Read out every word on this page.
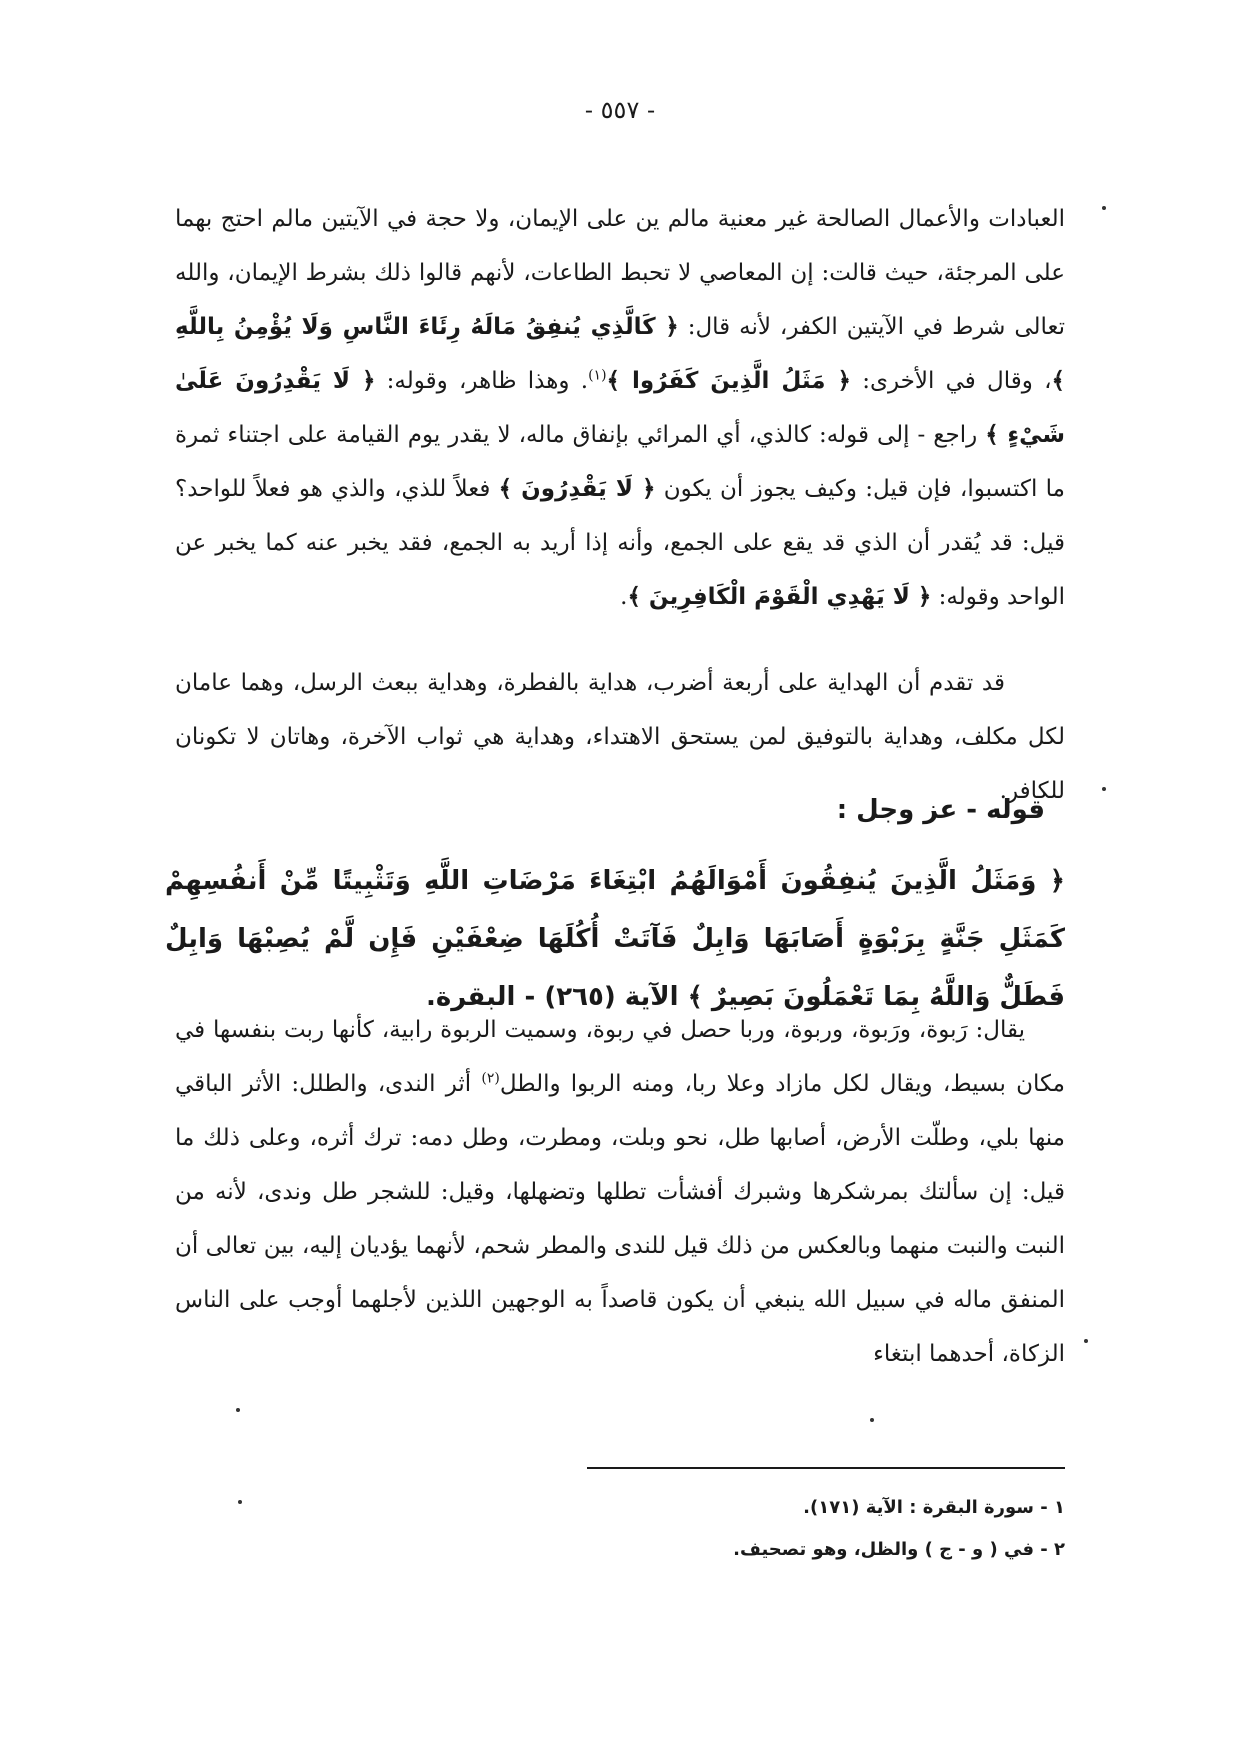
- ٥٥٧ -
العبادات والأعمال الصالحة غير معنية مالم ين على الإيمان، ولا حجة في الآيتين مالم احتج بهما على المرجئة، حيث قالت: إن المعاصي لا تحبط الطاعات، لأنهم قالوا ذلك بشرط الإيمان، والله تعالى شرط في الآيتين الكفر، لأنه قال: ﴿ كَالَّذِي يُنفِقُ مَالَهُ رِئَاءَ النَّاسِ وَلَا يُؤْمِنُ بِاللَّهِ ﴾، وقال في الأخرى: ﴿ مَثَلُ الَّذِينَ كَفَرُوا ﴾$^{(١)}$. وهذا ظاهر، وقوله: ﴿ لَا يَقْدِرُونَ عَلَىٰ شَيْءٍ ﴾ راجع - إلى قوله: كالذي، أي المرائي بإنفاق ماله، لا يقدر يوم القيامة على اجتناء ثمرة ما اكتسبوا، فإن قيل: وكيف يجوز أن يكون ﴿ لَا يَقْدِرُونَ ﴾ فعلاً للذي، والذي هو فعلاً للواحد؟ قيل: قد يُقدر أن الذي قد يقع على الجمع، وأنه إذا أريد به الجمع، فقد يخبر عنه كما يخبر عن الواحد وقوله: ﴿ لَا يَهْدِي الْقَوْمَ الْكَافِرِينَ ﴾.
قد تقدم أن الهداية على أربعة أضرب، هداية بالفطرة، وهداية ببعث الرسل، وهما عامان لكل مكلف، وهداية بالتوفيق لمن يستحق الاهتداء، وهداية هي ثواب الآخرة، وهاتان لا تكونان للكافر.
قوله - عز وجل :
﴿ وَمَثَلُ الَّذِينَ يُنفِقُونَ أَمْوَالَهُمُ ابْتِغَاءَ مَرْضَاتِ اللَّهِ وَتَثْبِيتًا مِّنْ أَنفُسِهِمْ كَمَثَلِ جَنَّةٍ بِرَبْوَةٍ أَصَابَهَا وَابِلٌ فَآتَتْ أُكُلَهَا ضِعْفَيْنِ فَإِن لَّمْ يُصِبْهَا وَابِلٌ فَطَلٌّ وَاللَّهُ بِمَا تَعْمَلُونَ بَصِيرٌ ﴾ الآية (٢٦٥) - البقرة.
يقال: رَبوة، ورَبوة، وربوة، وربا حصل في ربوة، وسميت الربوة رابية، كأنها ربت بنفسها في مكان بسيط، ويقال لكل مازاد وعلا ربا، ومنه الربوا والطل$^{(٢)}$ أثر الندى، والطلل: الأثر الباقي منها بلي، وطلّت الأرض، أصابها طل، نحو وبلت، ومطرت، وطل دمه: ترك أثره، وعلى ذلك ما قيل: إن سألتك بمرشكرها وشبرك أفشأت تطلها وتضهلها، وقيل: للشجر طل وندى، لأنه من النبت والنبت منهما وبالعكس من ذلك قيل للندى والمطر شحم، لأنهما يؤديان إليه، بين تعالى أن المنفق ماله في سبيل الله ينبغي أن يكون قاصداً به الوجهين اللذين لأجلهما أوجب على الناس الزكاة، أحدهما ابتغاء
١ - سورة البقرة : الآية (١٧١).
٢ - في ( و - ج ) والظل، وهو تصحيف.
